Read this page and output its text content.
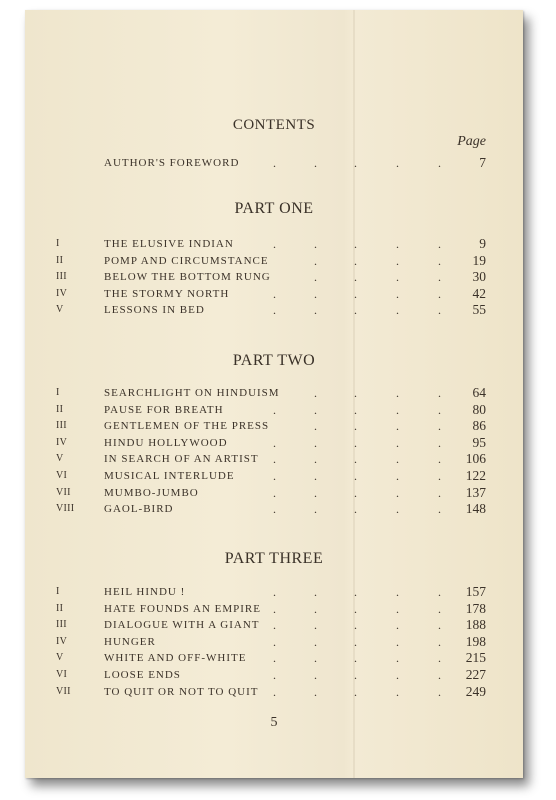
CONTENTS
Page
AUTHOR'S FOREWORD	.	.	.	.	.	7
PART ONE
I	THE ELUSIVE INDIAN	.	.	.	.	.	9
II	POMP AND CIRCUMSTANCE	.	.	.	. 19
III	BELOW THE BOTTOM RUNG	.	.	.	. 30
IV	THE STORMY NORTH	.	.	.	.	. 42
V	LESSONS IN BED	.	.	.	.	. 55
PART TWO
I	SEARCHLIGHT ON HINDUISM	.	.	.	. 64
II	PAUSE FOR BREATH	.	.	.	.	. 80
III	GENTLEMEN OF THE PRESS	.	.	.	. 86
IV	HINDU HOLLYWOOD	.	.	.	.	. 95
V	IN SEARCH OF AN ARTIST .	.	.	.	. 106
VI	MUSICAL INTERLUDE	.	.	.	.	. 122
VII	MUMBO-JUMBO	.	.	.	.	. 137
VIII	GAOL-BIRD	.	.	.	.	. 148
PART THREE
I	HEIL HINDU !	.	.	.	.	. 157
II	HATE FOUNDS AN EMPIRE .	.	.	.	. 178
III	DIALOGUE WITH A GIANT .	.	.	.	. 188
IV	HUNGER	.	.	.	.	. 198
V	WHITE AND OFF-WHITE .	.	.	.	. 215
VI	LOOSE ENDS	.	.	.	.	. 227
VII	TO QUIT OR NOT TO QUIT .	.	.	.	. 249
5
